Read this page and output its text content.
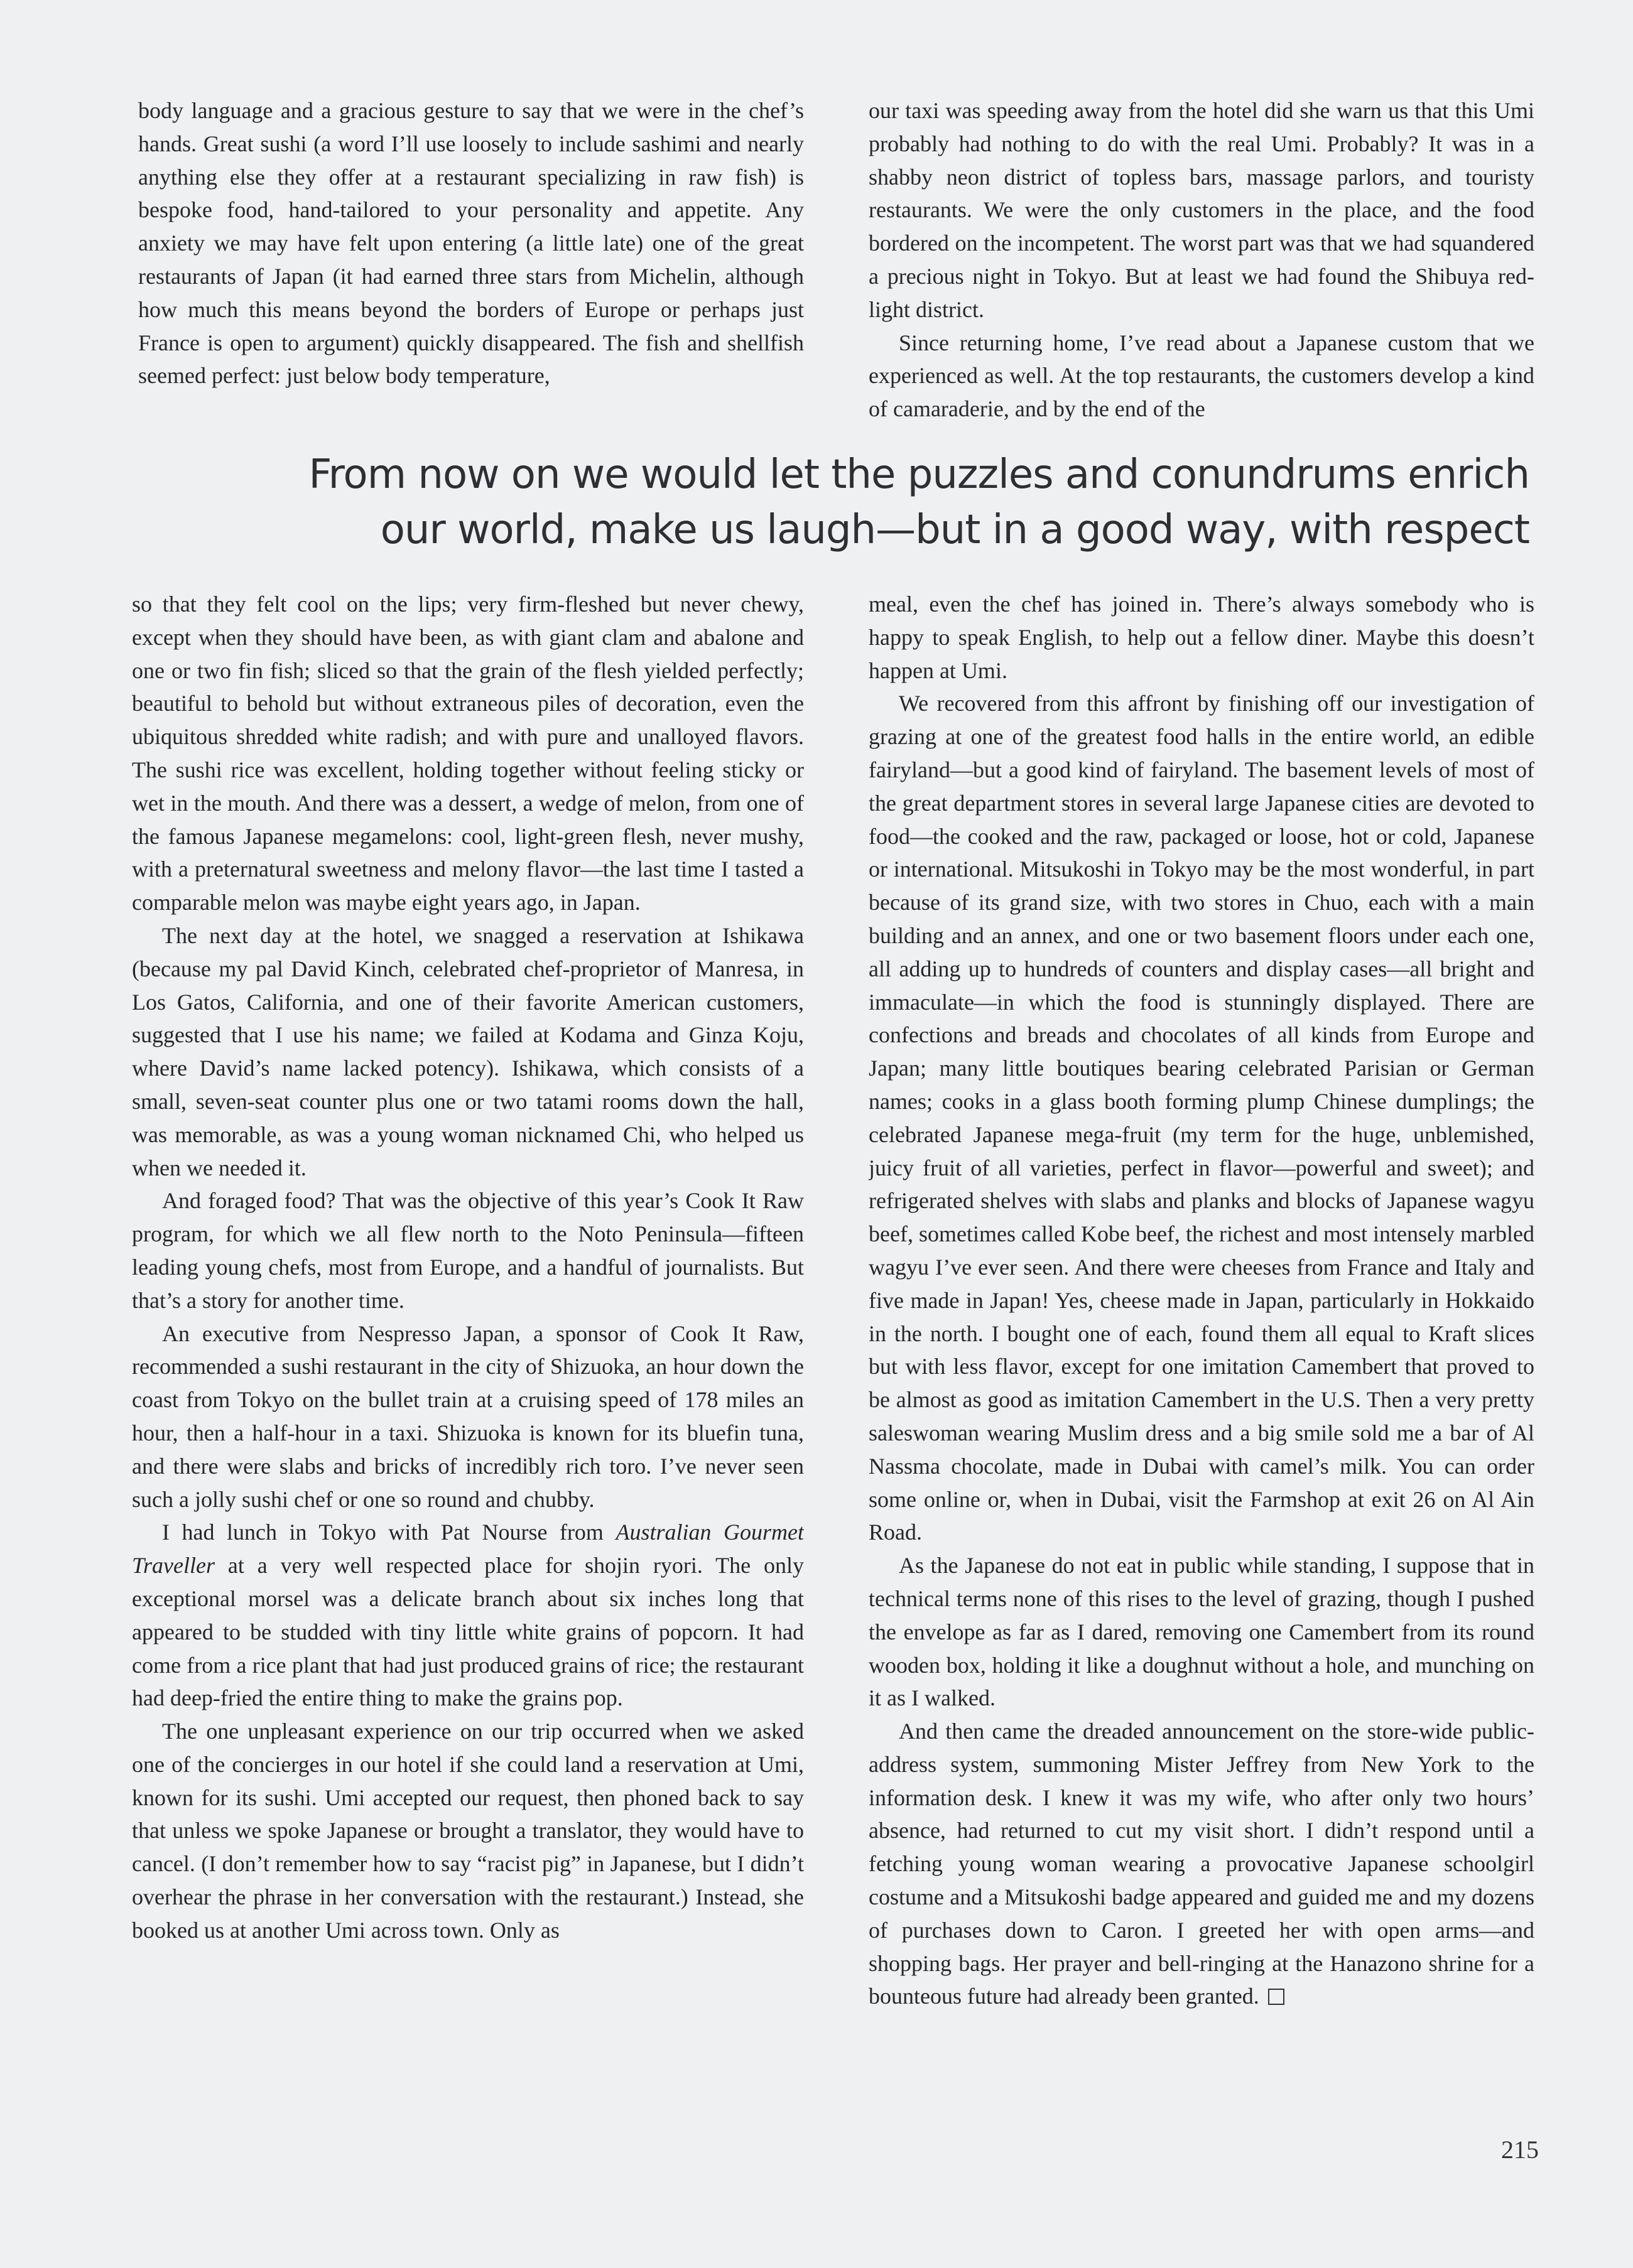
body language and a gracious gesture to say that we were in the chef’s hands. Great sushi (a word I’ll use loosely to include sashimi and nearly anything else they offer at a restaurant specializing in raw fish) is bespoke food, hand-tailored to your personality and appetite. Any anxiety we may have felt upon entering (a little late) one of the great restaurants of Japan (it had earned three stars from Michelin, although how much this means beyond the borders of Europe or perhaps just France is open to argument) quickly disappeared. The fish and shellfish seemed perfect: just below body temperature,

our taxi was speeding away from the hotel did she warn us that this Umi probably had nothing to do with the real Umi. Probably? It was in a shabby neon district of topless bars, massage parlors, and touristy restaurants. We were the only customers in the place, and the food bordered on the incompetent. The worst part was that we had squandered a precious night in Tokyo. But at least we had found the Shibuya red-light district.

Since returning home, I’ve read about a Japanese custom that we experienced as well. At the top restaurants, the customers develop a kind of camaraderie, and by the end of the

From now on we would let the puzzles and conundrums enrich
our world, make us laugh—but in a good way, with respect

so that they felt cool on the lips; very firm-fleshed but never chewy, except when they should have been, as with giant clam and abalone and one or two fin fish; sliced so that the grain of the flesh yielded perfectly; beautiful to behold but without extraneous piles of decoration, even the ubiquitous shredded white radish; and with pure and unalloyed flavors. The sushi rice was excellent, holding together without feeling sticky or wet in the mouth. And there was a dessert, a wedge of melon, from one of the famous Japanese megamelons: cool, light-green flesh, never mushy, with a preternatural sweetness and melony flavor—the last time I tasted a comparable melon was maybe eight years ago, in Japan.

The next day at the hotel, we snagged a reservation at Ishikawa (because my pal David Kinch, celebrated chef-proprietor of Manresa, in Los Gatos, California, and one of their favorite American customers, suggested that I use his name; we failed at Kodama and Ginza Koju, where David’s name lacked potency). Ishikawa, which consists of a small, seven-seat counter plus one or two tatami rooms down the hall, was memorable, as was a young woman nicknamed Chi, who helped us when we needed it.

And foraged food? That was the objective of this year’s Cook It Raw program, for which we all flew north to the Noto Peninsula—fifteen leading young chefs, most from Europe, and a handful of journalists. But that’s a story for another time.

An executive from Nespresso Japan, a sponsor of Cook It Raw, recommended a sushi restaurant in the city of Shizuoka, an hour down the coast from Tokyo on the bullet train at a cruising speed of 178 miles an hour, then a half-hour in a taxi. Shizuoka is known for its bluefin tuna, and there were slabs and bricks of incredibly rich toro. I’ve never seen such a jolly sushi chef or one so round and chubby.

I had lunch in Tokyo with Pat Nourse from Australian Gourmet Traveller at a very well respected place for shojin ryori. The only exceptional morsel was a delicate branch about six inches long that appeared to be studded with tiny little white grains of popcorn. It had come from a rice plant that had just produced grains of rice; the restaurant had deep-fried the entire thing to make the grains pop.

The one unpleasant experience on our trip occurred when we asked one of the concierges in our hotel if she could land a reservation at Umi, known for its sushi. Umi accepted our request, then phoned back to say that unless we spoke Japanese or brought a translator, they would have to cancel. (I don’t remember how to say “racist pig” in Japanese, but I didn’t overhear the phrase in her conversation with the restaurant.) Instead, she booked us at another Umi across town. Only as

meal, even the chef has joined in. There’s always somebody who is happy to speak English, to help out a fellow diner. Maybe this doesn’t happen at Umi.

We recovered from this affront by finishing off our investigation of grazing at one of the greatest food halls in the entire world, an edible fairyland—but a good kind of fairyland. The basement levels of most of the great department stores in several large Japanese cities are devoted to food—the cooked and the raw, packaged or loose, hot or cold, Japanese or international. Mitsukoshi in Tokyo may be the most wonderful, in part because of its grand size, with two stores in Chuo, each with a main building and an annex, and one or two basement floors under each one, all adding up to hundreds of counters and display cases—all bright and immaculate—in which the food is stunningly displayed. There are confections and breads and chocolates of all kinds from Europe and Japan; many little boutiques bearing celebrated Parisian or German names; cooks in a glass booth forming plump Chinese dumplings; the celebrated Japanese mega-fruit (my term for the huge, unblemished, juicy fruit of all varieties, perfect in flavor—powerful and sweet); and refrigerated shelves with slabs and planks and blocks of Japanese wagyu beef, sometimes called Kobe beef, the richest and most intensely marbled wagyu I’ve ever seen. And there were cheeses from France and Italy and five made in Japan! Yes, cheese made in Japan, particularly in Hokkaido in the north. I bought one of each, found them all equal to Kraft slices but with less flavor, except for one imitation Camembert that proved to be almost as good as imitation Camembert in the U.S. Then a very pretty saleswoman wearing Muslim dress and a big smile sold me a bar of Al Nassma chocolate, made in Dubai with camel’s milk. You can order some online or, when in Dubai, visit the Farmshop at exit 26 on Al Ain Road.

As the Japanese do not eat in public while standing, I suppose that in technical terms none of this rises to the level of grazing, though I pushed the envelope as far as I dared, removing one Camembert from its round wooden box, holding it like a doughnut without a hole, and munching on it as I walked.

And then came the dreaded announcement on the store-wide public-address system, summoning Mister Jeffrey from New York to the information desk. I knew it was my wife, who after only two hours’ absence, had returned to cut my visit short. I didn’t respond until a fetching young woman wearing a provocative Japanese schoolgirl costume and a Mitsukoshi badge appeared and guided me and my dozens of purchases down to Caron. I greeted her with open arms—and shopping bags. Her prayer and bell-ringing at the Hanazono shrine for a bounteous future had already been granted.

215
